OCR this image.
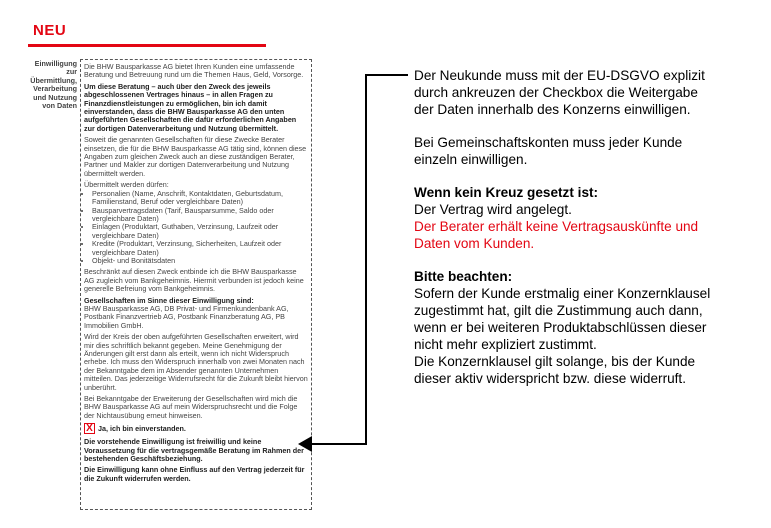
NEU
Einwilligung zur Übermittlung, Verarbeitung und Nutzung von Daten

Die BHW Bausparkasse AG bietet Ihren Kunden eine umfassende Beratung und Betreuung rund um die Themen Haus, Geld, Vorsorge.

Um diese Beratung – auch über den Zweck des jeweils abgeschlossenen Vertrages hinaus – in allen Fragen zu Finanzdienstleistungen zu ermöglichen, bin ich damit einverstanden, dass die BHW Bausparkasse AG den unten aufgeführten Gesellschaften die dafür erforderlichen Angaben zur dortigen Datenverarbeitung und Nutzung übermittelt.

Soweit die genannten Gesellschaften für diese Zwecke Berater einsetzen, die für die BHW Bausparkasse AG tätig sind, können diese Angaben zum gleichen Zweck auch an diese zuständigen Berater, Partner und Makler zur dortigen Datenverarbeitung und Nutzung übermittelt werden.

Übermittelt werden dürfen:

• Personalien (Name, Anschrift, Kontaktdaten, Geburtsdatum, Familienstand, Beruf oder vergleichbare Daten)
• Bausparvertragsdaten (Tarif, Bausparsumme, Saldo oder vergleichbare Daten)
• Einlagen (Produktart, Guthaben, Verzinsung, Laufzeit oder vergleichbare Daten)
• Kredite (Produktart, Verzinsung, Sicherheiten, Laufzeit oder vergleichbare Daten)
• Objekt- und Bonitätsdaten

Beschränkt auf diesen Zweck entbinde ich die BHW Bausparkasse AG zugleich vom Bankgeheimnis. Hiermit verbunden ist jedoch keine generelle Befreiung vom Bankgeheimnis.

Gesellschaften im Sinne dieser Einwilligung sind:

BHW Bausparkasse AG, DB Privat- und Firmenkundenbank AG, Postbank Finanzvertrieb AG, Postbank Finanzberatung AG, PB Immobilien GmbH.

Wird der Kreis der oben aufgeführten Gesellschaften erweitert, wird mir dies schriftlich bekannt gegeben. Meine Genehmigung der Änderungen gilt erst dann als erteilt, wenn ich nicht Widerspruch erhebe. Ich muss den Widerspruch innerhalb von zwei Monaten nach der Bekanntgabe dem im Absender genannten Unternehmen mitteilen. Das jederzeitige Widerrufsrecht für die Zukunft bleibt hiervon unberührt.

Bei Bekanntgabe der Erweiterung der Gesellschaften wird mich die BHW Bausparkasse AG auf mein Widerspruchsrecht und die Folge der Nichtausübung erneut hinweisen.

X Ja, ich bin einverstanden.

Die vorstehende Einwilligung ist freiwillig und keine Voraussetzung für die vertragsgemäße Beratung im Rahmen der bestehenden Geschäftsbeziehung.

Die Einwilligung kann ohne Einfluss auf den Vertrag jederzeit für die Zukunft widerrufen werden.

Der Neukunde muss mit der EU-DSGVO explizit durch ankreuzen der Checkbox die Weitergabe der Daten innerhalb des Konzerns einwilligen.

Bei Gemeinschaftskonten muss jeder Kunde einzeln einwilligen.

Wenn kein Kreuz gesetzt ist:
Der Vertrag wird angelegt.
Der Berater erhält keine Vertragsauskünfte und Daten vom Kunden.

Bitte beachten:
Sofern der Kunde erstmalig einer Konzernklausel zugestimmt hat, gilt die Zustimmung auch dann, wenn er bei weiteren Produktabschlüssen dieser nicht mehr expliziert zustimmt.
Die Konzernklausel gilt solange, bis der Kunde dieser aktiv widerspricht bzw. diese widerruft.
